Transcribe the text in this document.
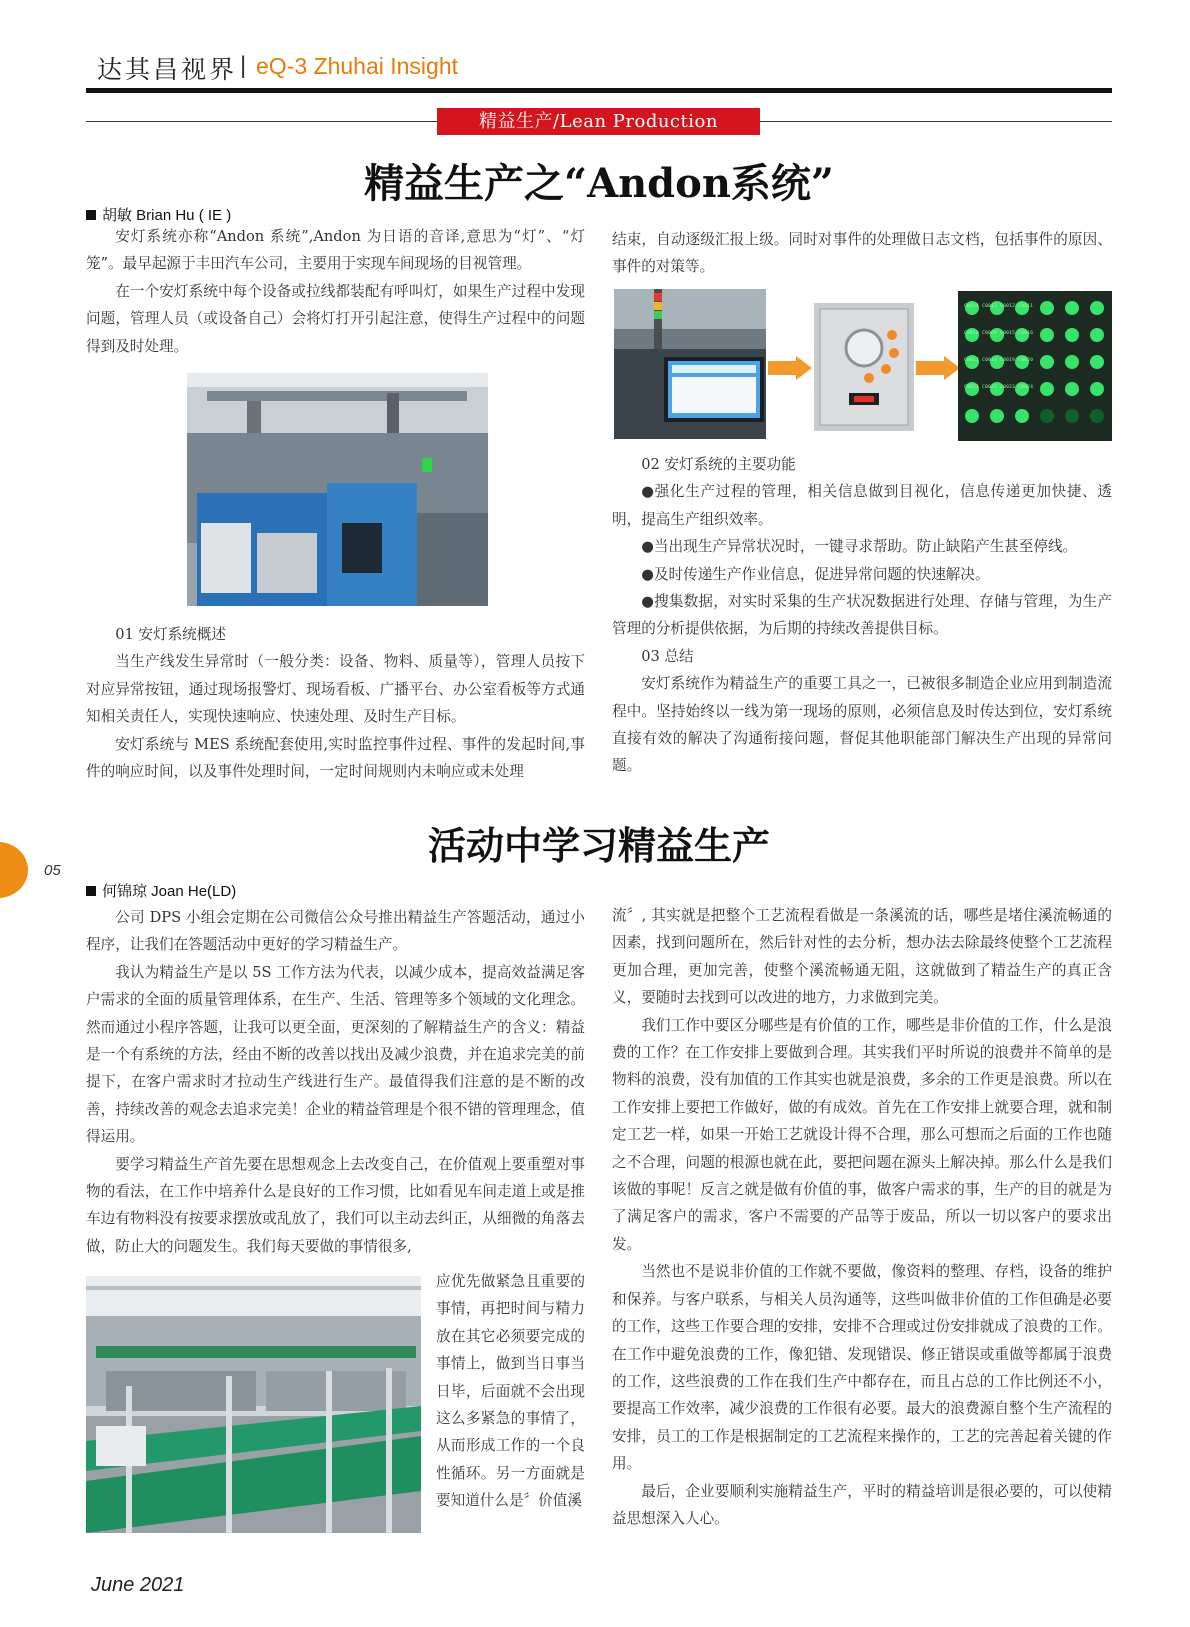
达其昌视界 | eQ-3 Zhuhai Insight
精益生产/Lean Production
精益生产之“Andon系统”
胡敏 Brian Hu ( IE )

安灯系统亦称“Andon 系统”,Andon 为日语的音译,意思为“灯”、“灯笼”。最早起源于丰田汽车公司，主要用于实现车间现场的目视管理。

在一个安灯系统中每个设备或拉线都装配有呼叫灯，如果生产过程中发现问题，管理人员（或设备自己）会将灯打开引起注意，使得生产过程中的问题得到及时处理。

01 安灯系统概述

当生产线发生异常时（一般分类：设备、物料、质量等），管理人员按下对应异常按钮，通过现场报警灯、现场看板、广播平台、办公室看板等方式通知相关责任人，实现快速响应、快速处理、及时生产目标。

安灯系统与 MES 系统配套使用,实时监控事件过程、事件的发起时间,事件的响应时间，以及事件处理时间，一定时间规则内未响应或未处理

结束，自动逐级汇报上级。同时对事件的处理做日志文档，包括事件的原因、事件的对策等。

C0014 C0013 C0012 C0011
C0010 C0009 C0015 C0016
C0017 C0018 C0019 C0020
C0021 C0022 C0023 C0024

02 安灯系统的主要功能

●强化生产过程的管理，相关信息做到目视化，信息传递更加快捷、透明，提高生产组织效率。

●当出现生产异常状况时，一键寻求帮助。防止缺陷产生甚至停线。

●及时传递生产作业信息，促进异常问题的快速解决。

●搜集数据，对实时采集的生产状况数据进行处理、存储与管理，为生产管理的分析提供依据，为后期的持续改善提供目标。

03 总结

安灯系统作为精益生产的重要工具之一，已被很多制造企业应用到制造流程中。坚持始终以一线为第一现场的原则，必须信息及时传达到位，安灯系统直接有效的解决了沟通衔接问题，督促其他职能部门解决生产出现的异常问题。

05
活动中学习精益生产
何锦琼 Joan He(LD)

公司 DPS 小组会定期在公司微信公众号推出精益生产答题活动，通过小程序，让我们在答题活动中更好的学习精益生产。

我认为精益生产是以 5S 工作方法为代表，以减少成本，提高效益满足客户需求的全面的质量管理体系，在生产、生活、管理等多个领域的文化理念。然而通过小程序答题，让我可以更全面，更深刻的了解精益生产的含义：精益是一个有系统的方法，经由不断的改善以找出及减少浪费，并在追求完美的前提下，在客户需求时才拉动生产线进行生产。最值得我们注意的是不断的改善，持续改善的观念去追求完美！企业的精益管理是个很不错的管理理念，值得运用。

要学习精益生产首先要在思想观念上去改变自己，在价值观上要重塑对事物的看法，在工作中培养什么是良好的工作习惯，比如看见车间走道上或是推车边有物料没有按要求摆放或乱放了，我们可以主动去纠正，从细微的角落去做，防止大的问题发生。我们每天要做的事情很多,

应优先做紧急且重要的事情，再把时间与精力放在其它必须要完成的事情上，做到当日事当日毕，后面就不会出现这么多紧急的事情了，从而形成工作的一个良性循环。另一方面就是要知道什么是〞价值溪

流〞, 其实就是把整个工艺流程看做是一条溪流的话，哪些是堵住溪流畅通的因素，找到问题所在，然后针对性的去分析，想办法去除最终使整个工艺流程更加合理，更加完善，使整个溪流畅通无阻，这就做到了精益生产的真正含义，要随时去找到可以改进的地方，力求做到完美。

我们工作中要区分哪些是有价值的工作，哪些是非价值的工作，什么是浪费的工作？在工作安排上要做到合理。其实我们平时所说的浪费并不简单的是物料的浪费，没有加值的工作其实也就是浪费，多余的工作更是浪费。所以在工作安排上要把工作做好，做的有成效。首先在工作安排上就要合理，就和制定工艺一样，如果一开始工艺就设计得不合理，那么可想而之后面的工作也随之不合理，问题的根源也就在此，要把问题在源头上解决掉。那么什么是我们该做的事呢！反言之就是做有价值的事，做客户需求的事，生产的目的就是为了满足客户的需求，客户不需要的产品等于废品，所以一切以客户的要求出发。

当然也不是说非价值的工作就不要做，像资料的整理、存档，设备的维护和保养。与客户联系，与相关人员沟通等，这些叫做非价值的工作但确是必要的工作，这些工作要合理的安排，安排不合理或过份安排就成了浪费的工作。在工作中避免浪费的工作，像犯错、发现错误、修正错误或重做等都属于浪费的工作，这些浪费的工作在我们生产中都存在，而且占总的工作比例还不小，要提高工作效率，减少浪费的工作很有必要。最大的浪费源自整个生产流程的安排，员工的工作是根据制定的工艺流程来操作的，工艺的完善起着关键的作用。

最后，企业要顺利实施精益生产，平时的精益培训是很必要的，可以使精益思想深入人心。

June 2021
